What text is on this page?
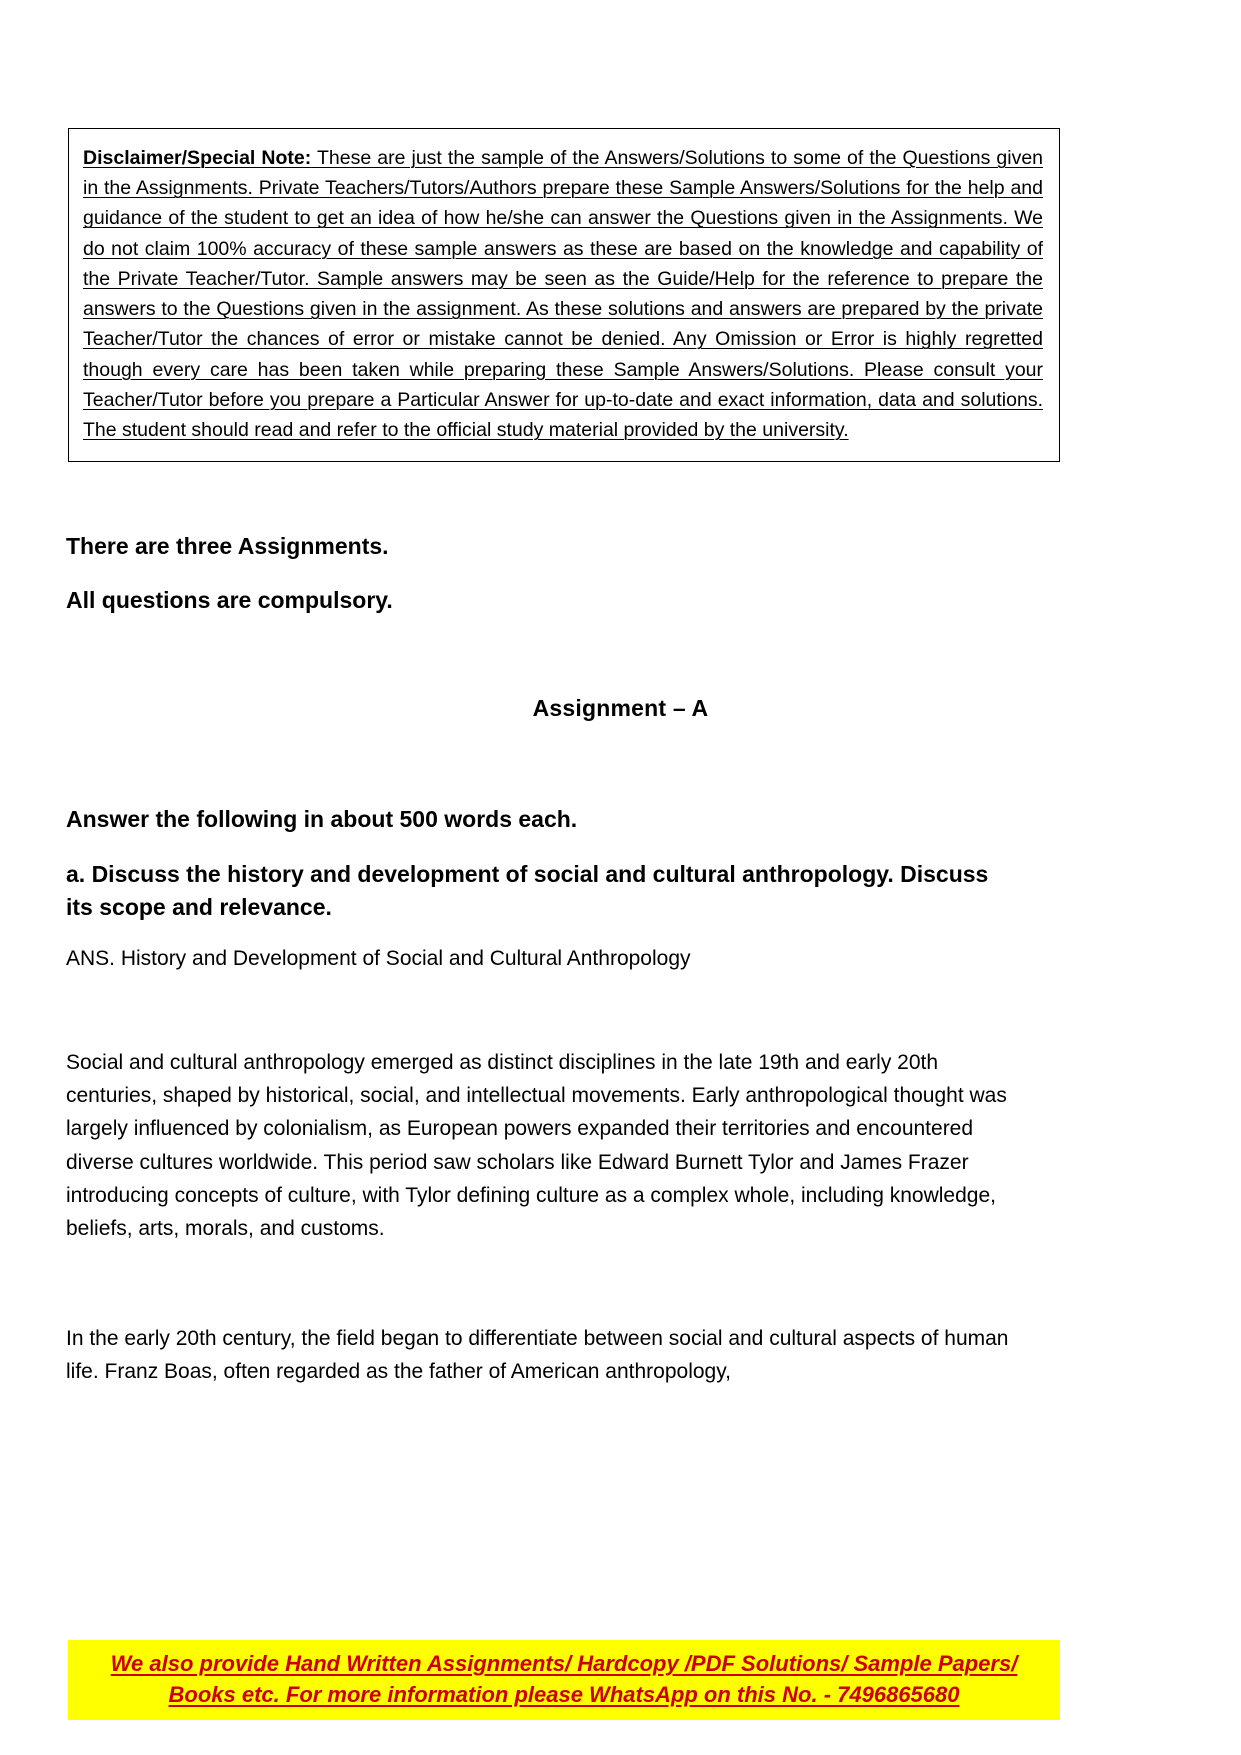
Disclaimer/Special Note: These are just the sample of the Answers/Solutions to some of the Questions given in the Assignments. Private Teachers/Tutors/Authors prepare these Sample Answers/Solutions for the help and guidance of the student to get an idea of how he/she can answer the Questions given in the Assignments. We do not claim 100% accuracy of these sample answers as these are based on the knowledge and capability of the Private Teacher/Tutor. Sample answers may be seen as the Guide/Help for the reference to prepare the answers to the Questions given in the assignment. As these solutions and answers are prepared by the private Teacher/Tutor the chances of error or mistake cannot be denied. Any Omission or Error is highly regretted though every care has been taken while preparing these Sample Answers/Solutions. Please consult your Teacher/Tutor before you prepare a Particular Answer for up-to-date and exact information, data and solutions. The student should read and refer to the official study material provided by the university.

There are three Assignments.
All questions are compulsory.
Assignment – A
Answer the following in about 500 words each.
a. Discuss the history and development of social and cultural anthropology. Discuss its scope and relevance.
ANS. History and Development of Social and Cultural Anthropology
Social and cultural anthropology emerged as distinct disciplines in the late 19th and early 20th centuries, shaped by historical, social, and intellectual movements. Early anthropological thought was largely influenced by colonialism, as European powers expanded their territories and encountered diverse cultures worldwide. This period saw scholars like Edward Burnett Tylor and James Frazer introducing concepts of culture, with Tylor defining culture as a complex whole, including knowledge, beliefs, arts, morals, and customs.
In the early 20th century, the field began to differentiate between social and cultural aspects of human life. Franz Boas, often regarded as the father of American anthropology,
We also provide Hand Written Assignments/ Hardcopy /PDF Solutions/ Sample Papers/
Books etc. For more information please WhatsApp on this No. - 7496865680
